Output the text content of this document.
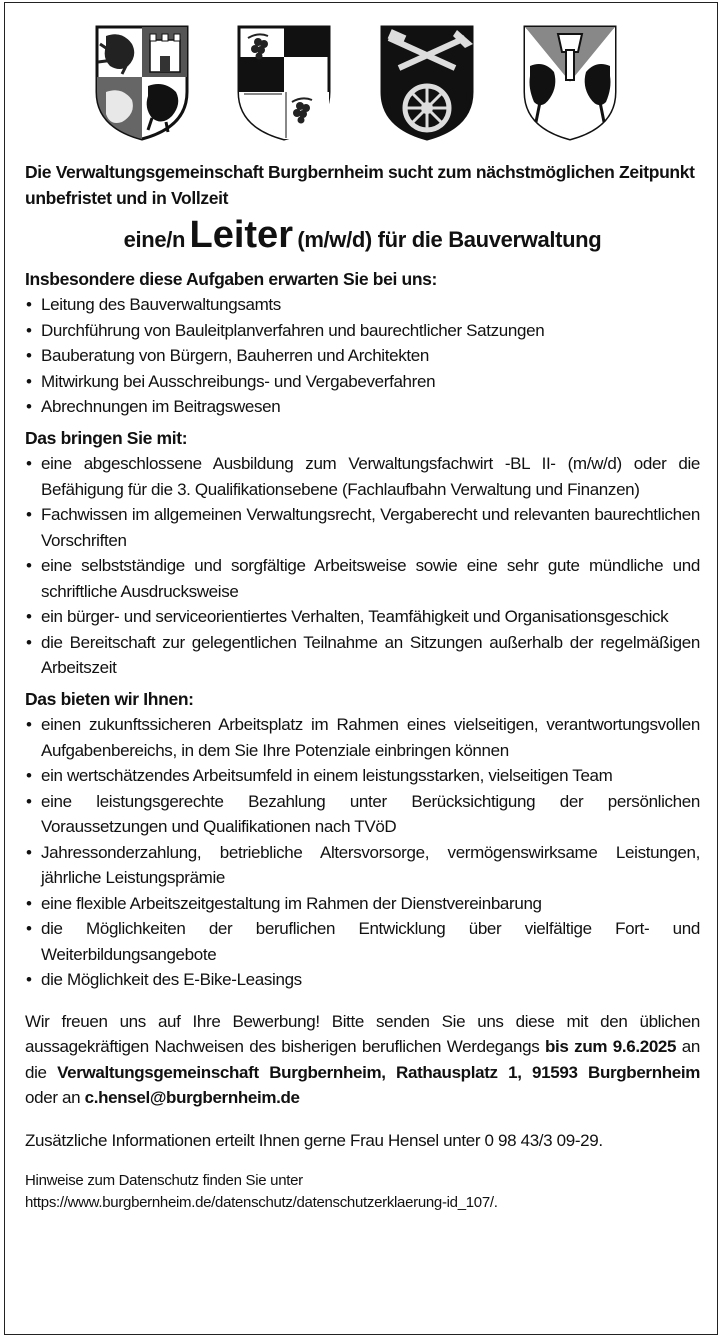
Die Verwaltungsgemeinschaft Burgbernheim sucht zum nächstmöglichen Zeitpunkt unbefristet und in Vollzeit

eine/n Leiter (m/w/d) für die Bauverwaltung
Insbesondere diese Aufgaben erwarten Sie bei uns:
• Leitung des Bauverwaltungsamts
• Durchführung von Bauleitplanverfahren und baurechtlicher Satzungen
• Bauberatung von Bürgern, Bauherren und Architekten
• Mitwirkung bei Ausschreibungs- und Vergabeverfahren
• Abrechnungen im Beitragswesen
Das bringen Sie mit:
• eine abgeschlossene Ausbildung zum Verwaltungsfachwirt -BL II- (m/w/d) oder die Befähigung für die 3. Qualifikationsebene (Fachlaufbahn Verwaltung und Finanzen)
• Fachwissen im allgemeinen Verwaltungsrecht, Vergaberecht und relevanten baurechtlichen Vorschriften
• eine selbstständige und sorgfältige Arbeitsweise sowie eine sehr gute mündliche und schriftliche Ausdrucksweise
• ein bürger- und serviceorientiertes Verhalten, Teamfähigkeit und Organisationsgeschick
• die Bereitschaft zur gelegentlichen Teilnahme an Sitzungen außerhalb der regelmäßigen Arbeitszeit
Das bieten wir Ihnen:
• einen zukunftssicheren Arbeitsplatz im Rahmen eines vielseitigen, verantwortungsvollen Aufgabenbereichs, in dem Sie Ihre Potenziale einbringen können
• ein wertschätzendes Arbeitsumfeld in einem leistungsstarken, vielseitigen Team
• eine leistungsgerechte Bezahlung unter Berücksichtigung der persönlichen Voraussetzungen und Qualifikationen nach TVöD
• Jahressonderzahlung, betriebliche Altersvorsorge, vermögenswirksame Leistungen, jährliche Leistungsprämie
• eine flexible Arbeitszeitgestaltung im Rahmen der Dienstvereinbarung
• die Möglichkeiten der beruflichen Entwicklung über vielfältige Fort- und Weiterbildungsangebote
• die Möglichkeit des E-Bike-Leasings

Wir freuen uns auf Ihre Bewerbung! Bitte senden Sie uns diese mit den üblichen aussagekräftigen Nachweisen des bisherigen beruflichen Werdegangs bis zum 9.6.2025 an die Verwaltungsgemeinschaft Burgbernheim, Rathausplatz 1, 91593 Burgbernheim oder an c.hensel@burgbernheim.de

Zusätzliche Informationen erteilt Ihnen gerne Frau Hensel unter 0 98 43/3 09-29.

Hinweise zum Datenschutz finden Sie unter https://www.burgbernheim.de/datenschutz/datenschutzerklaerung-id_107/.
